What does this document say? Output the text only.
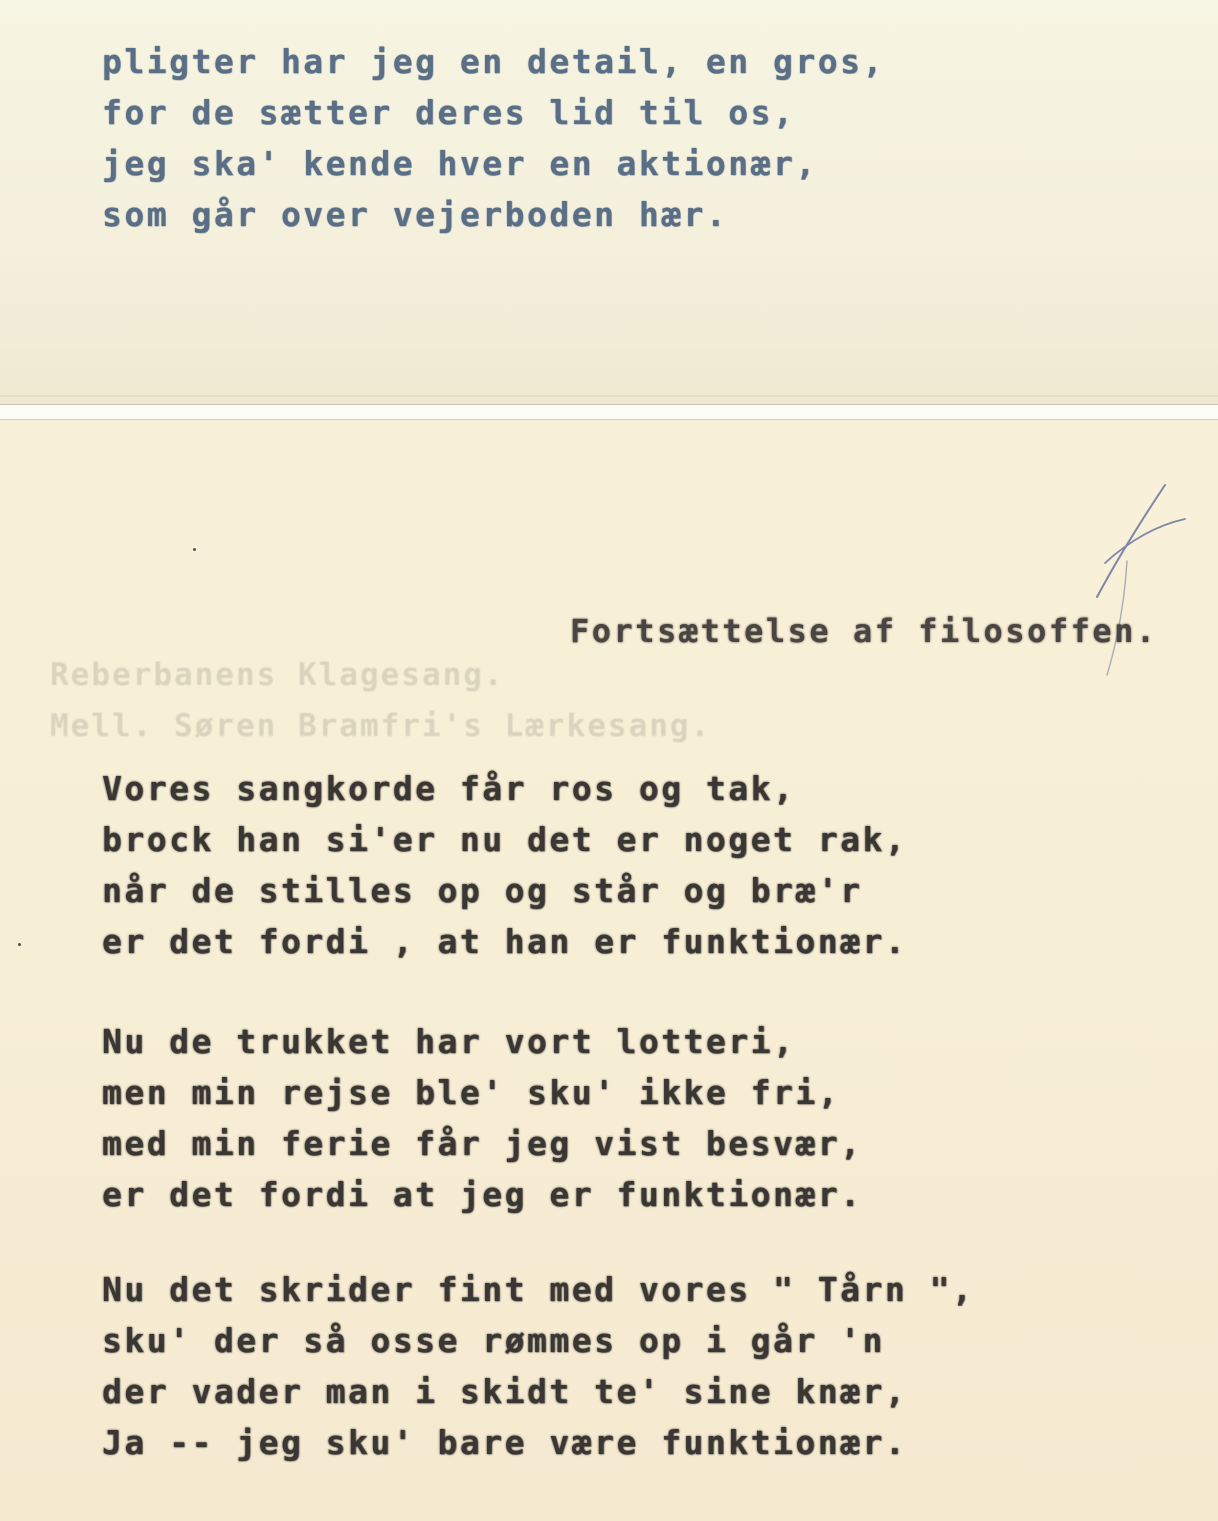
pligter har jeg en detail, en gros,
for de sætter deres lid til os,
jeg ska' kende hver en aktionær,
som går over vejerboden hær.
Reberbanens Klagesang.
Mell. Søren Bramfri's Lærkesang.
Fortsættelse af filosoffen.
Vores sangkorde får ros og tak,
brock han si'er nu det er noget rak,
når de stilles op og står og bræ'r
er det fordi , at han er funktionær.
Nu de trukket har vort lotteri,
men min rejse ble' sku' ikke fri,
med min ferie får jeg vist besvær,
er det fordi at jeg er funktionær.
Nu det skrider fint med vores " Tårn ",
sku' der så osse rømmes op i går 'n
der vader man i skidt te' sine knær,
Ja -- jeg sku' bare være funktionær.
